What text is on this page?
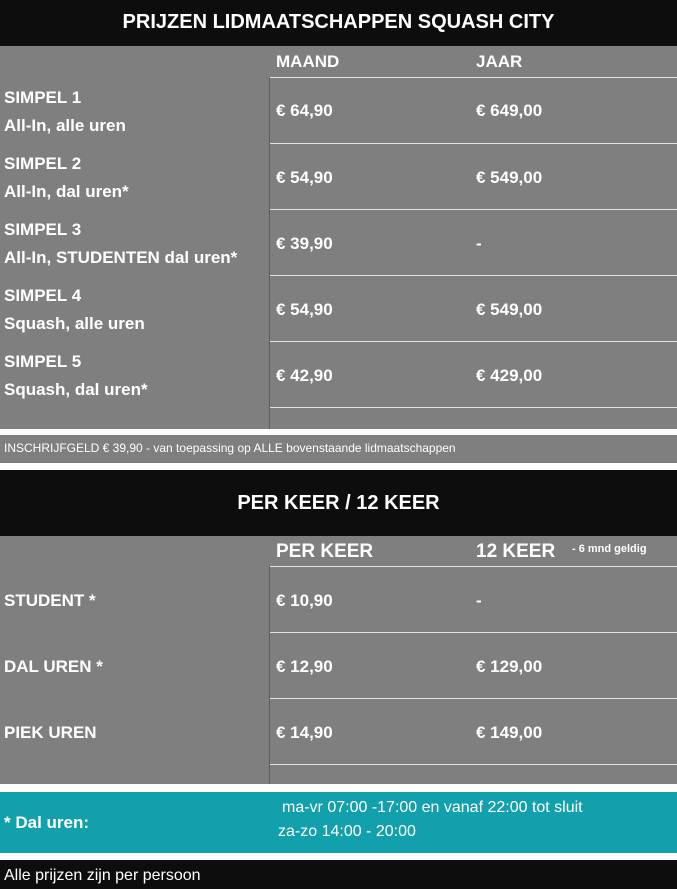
PRIJZEN LIDMAATSCHAPPEN SQUASH CITY
MAAND	JAAR
SIMPEL 1
All-In, alle uren
€ 64,90	€ 649,00
SIMPEL 2
All-In, dal uren*
€ 54,90	€ 549,00
SIMPEL 3
All-In, STUDENTEN dal uren*
€ 39,90	-
SIMPEL 4
Squash, alle uren
€ 54,90	€ 549,00
SIMPEL 5
Squash, dal uren*
€ 42,90	€ 429,00
INSCHRIJFGELD € 39,90 - van toepassing op ALLE bovenstaande lidmaatschappen
PER KEER / 12 KEER
PER KEER	12 KEER - 6 mnd geldig
STUDENT *	€ 10,90	-
DAL UREN *	€ 12,90	€ 129,00
PIEK UREN	€ 14,90	€ 149,00
* Dal uren:
ma-vr 07:00 -17:00 en vanaf 22:00 tot sluit
za-zo 14:00 - 20:00
Alle prijzen zijn per persoon
